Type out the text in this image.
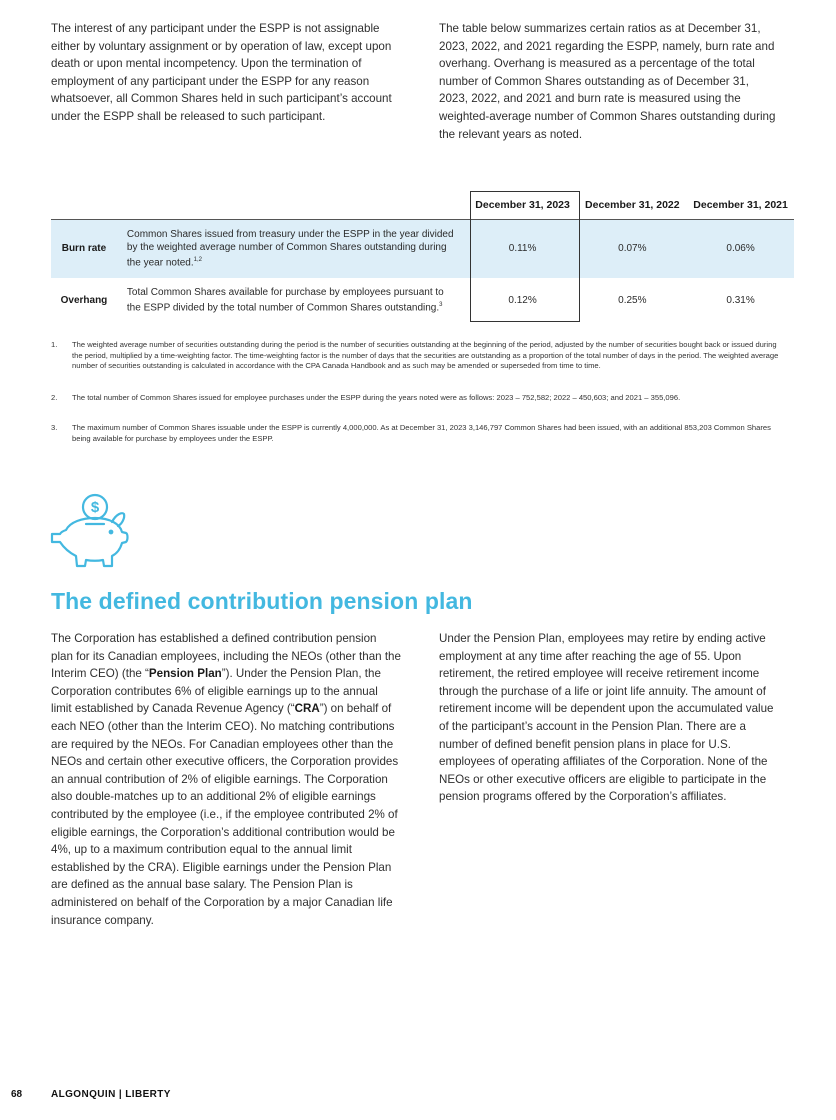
The interest of any participant under the ESPP is not assignable either by voluntary assignment or by operation of law, except upon death or upon mental incompetency. Upon the termination of employment of any participant under the ESPP for any reason whatsoever, all Common Shares held in such participant’s account under the ESPP shall be released to such participant.

The table below summarizes certain ratios as at December 31, 2023, 2022, and 2021 regarding the ESPP, namely, burn rate and overhang. Overhang is measured as a percentage of the total number of Common Shares outstanding as of December 31, 2023, 2022, and 2021 and burn rate is measured using the weighted-average number of Common Shares outstanding during the relevant years as noted.

		December 31, 2023	December 31, 2022	December 31, 2021
Burn rate	Common Shares issued from treasury under the ESPP in the year divided by the weighted average number of Common Shares outstanding during the year noted.$^{1,2}$	0.11%	0.07%	0.06%
Overhang	Total Common Shares available for purchase by employees pursuant to the ESPP divided by the total number of Common Shares outstanding.$^3$	0.12%	0.25%	0.31%
1. The weighted average number of securities outstanding during the period is the number of securities outstanding at the beginning of the period, adjusted by the number of securities bought back or issued during the period, multiplied by a time-weighting factor. The time-weighting factor is the number of days that the securities are outstanding as a proportion of the total number of days in the period. The weighted average number of securities outstanding is calculated in accordance with the CPA Canada Handbook and as such may be amended or superseded from time to time.
2. The total number of Common Shares issued for employee purchases under the ESPP during the years noted were as follows: 2023 – 752,582; 2022 – 450,603; and 2021 – 355,096.
3. The maximum number of Common Shares issuable under the ESPP is currently 4,000,000. As at December 31, 2023 3,146,797 Common Shares had been issued, with an additional 853,203 Common Shares being available for purchase by employees under the ESPP.
$
The defined contribution pension plan

The Corporation has established a defined contribution pension plan for its Canadian employees, including the NEOs (other than the Interim CEO) (the “Pension Plan”). Under the Pension Plan, the Corporation contributes 6% of eligible earnings up to the annual limit established by Canada Revenue Agency (“CRA”) on behalf of each NEO (other than the Interim CEO). No matching contributions are required by the NEOs. For Canadian employees other than the NEOs and certain other executive officers, the Corporation provides an annual contribution of 2% of eligible earnings. The Corporation also double-matches up to an additional 2% of eligible earnings contributed by the employee (i.e., if the employee contributed 2% of eligible earnings, the Corporation’s additional contribution would be 4%, up to a maximum contribution equal to the annual limit established by the CRA). Eligible earnings under the Pension Plan are defined as the annual base salary. The Pension Plan is administered on behalf of the Corporation by a major Canadian life insurance company.

Under the Pension Plan, employees may retire by ending active employment at any time after reaching the age of 55. Upon retirement, the retired employee will receive retirement income through the purchase of a life or joint life annuity. The amount of retirement income will be dependent upon the accumulated value of the participant’s account in the Pension Plan. There are a number of defined benefit pension plans in place for U.S. employees of operating affiliates of the Corporation. None of the NEOs or other executive officers are eligible to participate in the pension programs offered by the Corporation’s affiliates.

68	ALGONQUIN | LIBERTY
